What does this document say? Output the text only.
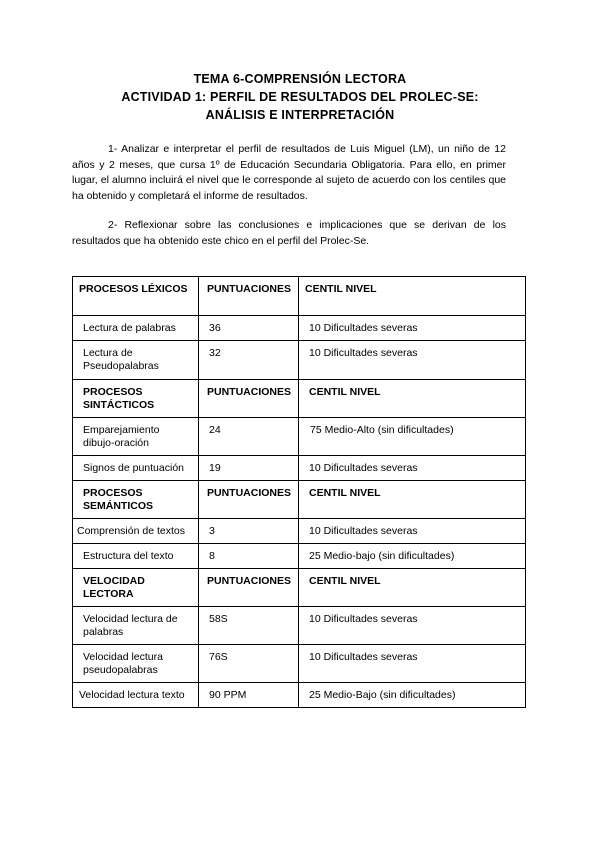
TEMA 6-COMPRENSIÓN LECTORA
ACTIVIDAD 1: PERFIL DE RESULTADOS DEL PROLEC-SE:
ANÁLISIS E INTERPRETACIÓN
1- Analizar e interpretar el perfil de resultados de Luis Miguel (LM), un niño de 12 años y 2 meses, que cursa 1º de Educación Secundaria Obligatoria. Para ello, en primer lugar, el alumno incluirá el nivel que le corresponde al sujeto de acuerdo con los centiles que ha obtenido y completará el informe de resultados.
2- Reflexionar sobre las conclusiones e implicaciones que se derivan de los resultados que ha obtenido este chico en el perfil del Prolec-Se.
PROCESOS LÉXICOS	PUNTUACIONES	CENTIL NIVEL

Lectura de palabras	36	10 Dificultades severas

Lectura de Pseudopalabras	32	10 Dificultades severas

PROCESOS SINTÁCTICOS	PUNTUACIONES	CENTIL NIVEL

Emparejamiento dibujo-oración	24	75 Medio-Alto (sin dificultades)

Signos de puntuación	19	10 Dificultades severas

PROCESOS SEMÁNTICOS	PUNTUACIONES	CENTIL NIVEL

Comprensión de textos	3	10 Dificultades severas

Estructura del texto	8	25 Medio-bajo (sin dificultades)

VELOCIDAD LECTORA	PUNTUACIONES	CENTIL NIVEL

Velocidad lectura de palabras	58S	10 Dificultades severas

Velocidad lectura pseudopalabras	76S	10 Dificultades severas

Velocidad lectura texto	90 PPM	25 Medio-Bajo (sin dificultades)
